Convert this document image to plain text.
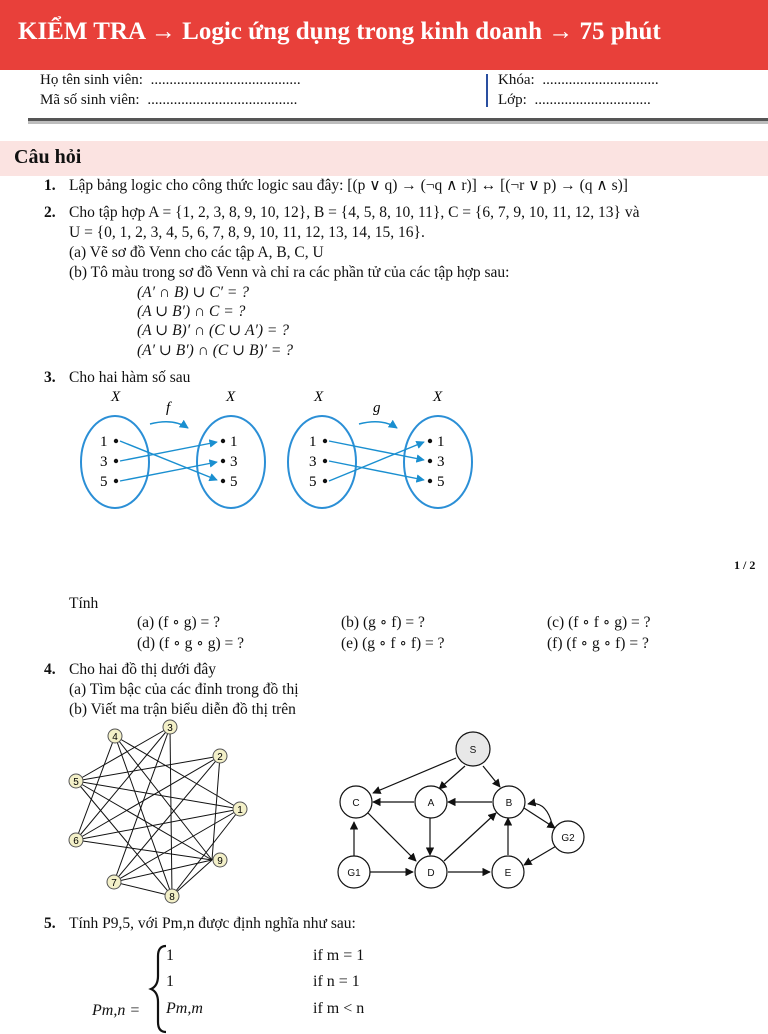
KIỂM TRA → Logic ứng dụng trong kinh doanh → 75 phút
Họ tên sinh viên: ........................................
Mã số sinh viên: ........................................
Khóa: ...............................
Lớp: ...............................
Câu hỏi
1. Lập bảng logic cho công thức logic sau đây: [(p ∨ q) → (¬q ∧ r)] ↔ [(¬r ∨ p) → (q ∧ s)]
2. Cho tập hợp A = {1, 2, 3, 8, 9, 10, 12}, B = {4, 5, 8, 10, 11}, C = {6, 7, 9, 10, 11, 12, 13} và
U = {0, 1, 2, 3, 4, 5, 6, 7, 8, 9, 10, 11, 12, 13, 14, 15, 16}.
(a) Vẽ sơ đồ Venn cho các tập A, B, C, U
(b) Tô màu trong sơ đồ Venn và chỉ ra các phần tử của các tập hợp sau:
(A′ ∩ B) ∪ C′ = ?
(A ∪ B′) ∩ C = ?
(A ∪ B)′ ∩ (C ∪ A′) = ?
(A′ ∪ B′) ∩ (C ∪ B)′ = ?
3. Cho hai hàm số sau
X	X
f
1
3
5
1
3
5
X	X
g
1
3
5
1
3
5
1 / 2
Tính
(a) (f ∘ g) = ?	(b) (g ∘ f) = ?	(c) (f ∘ f ∘ g) = ?
(d) (f ∘ g ∘ g) = ?	(e) (g ∘ f ∘ f) = ?	(f) (f ∘ g ∘ f) = ?
4. Cho hai đồ thị dưới đây
(a) Tìm bậc của các đỉnh trong đồ thị
(b) Viết ma trận biểu diễn đồ thị trên
1
2
3
4
5
6
7
8
9
S
C	A	B
G2
G1	D	E
5. Tính P9,5, với Pm,n được định nghĩa như sau:
Pm,n =
1	if m = 1
1	if n = 1
Pm,m	if m < n
